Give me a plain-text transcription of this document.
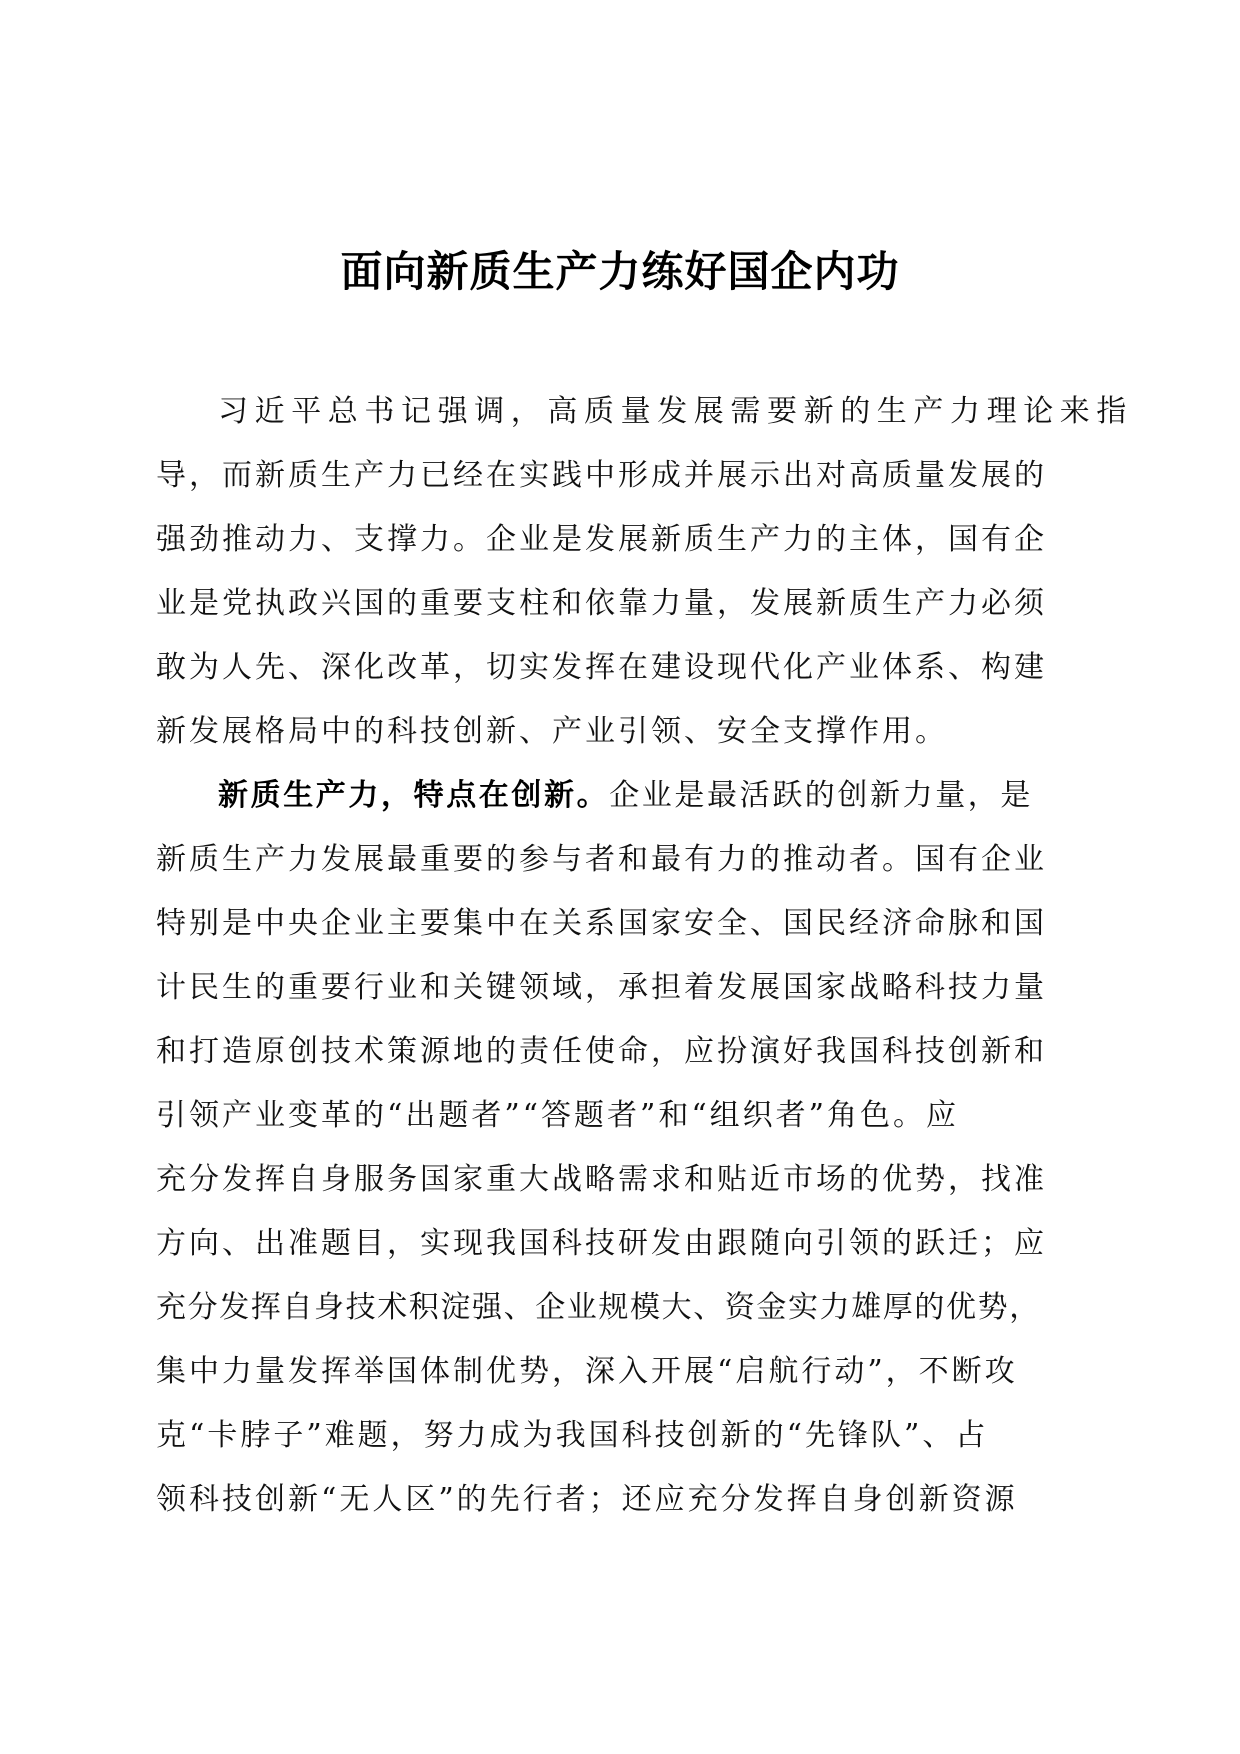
面向新质生产力练好国企内功
习近平总书记强调，高质量发展需要新的生产力理论来指
导，而新质生产力已经在实践中形成并展示出对高质量发展的
强劲推动力、支撑力。企业是发展新质生产力的主体，国有企
业是党执政兴国的重要支柱和依靠力量，发展新质生产力必须
敢为人先、深化改革，切实发挥在建设现代化产业体系、构建
新发展格局中的科技创新、产业引领、安全支撑作用。
新质生产力，特点在创新。企业是最活跃的创新力量，是
新质生产力发展最重要的参与者和最有力的推动者。国有企业
特别是中央企业主要集中在关系国家安全、国民经济命脉和国
计民生的重要行业和关键领域，承担着发展国家战略科技力量
和打造原创技术策源地的责任使命，应扮演好我国科技创新和
引领产业变革的“出题者”“答题者”和“组织者”角色。应
充分发挥自身服务国家重大战略需求和贴近市场的优势，找准
方向、出准题目，实现我国科技研发由跟随向引领的跃迁；应
充分发挥自身技术积淀强、企业规模大、资金实力雄厚的优势，
集中力量发挥举国体制优势，深入开展“启航行动”，不断攻
克“卡脖子”难题，努力成为我国科技创新的“先锋队”、占
领科技创新“无人区”的先行者；还应充分发挥自身创新资源
